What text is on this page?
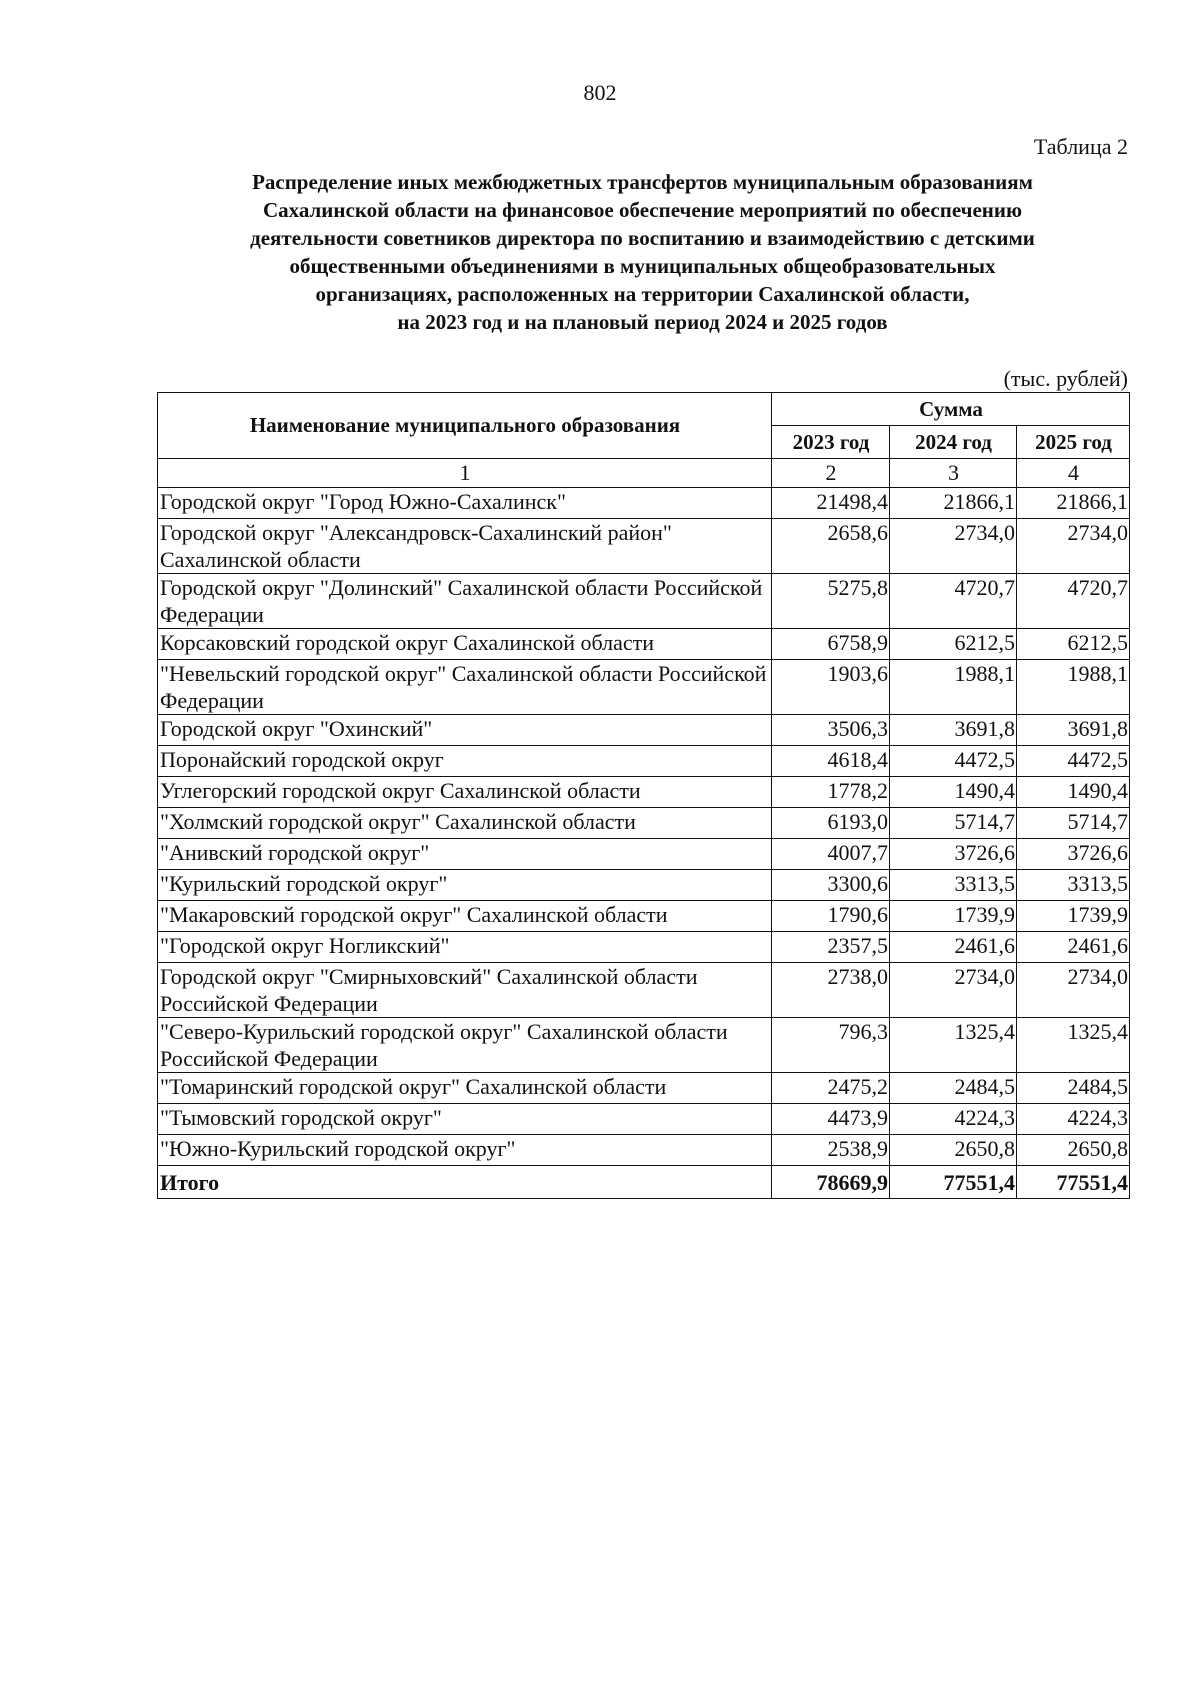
802
Таблица 2
Распределение иных межбюджетных трансфертов муниципальным образованиям
Сахалинской области на финансовое обеспечение мероприятий по обеспечению
деятельности советников директора по воспитанию и взаимодействию с детскими
общественными объединениями в муниципальных общеобразовательных
организациях, расположенных на территории Сахалинской области,
на 2023 год и на плановый период 2024 и 2025 годов
(тыс. рублей)
Наименование муниципального образования	Сумма		
	2023 год	2024 год	2025 год
1	2	3	4
Городской округ "Город Южно-Сахалинск"	21498,4	21866,1	21866,1
Городской округ "Александровск-Сахалинский район" Сахалинской области	2658,6	2734,0	2734,0
Городской округ "Долинский" Сахалинской области Российской Федерации	5275,8	4720,7	4720,7
Корсаковский городской округ Сахалинской области	6758,9	6212,5	6212,5
"Невельский городской округ" Сахалинской области Российской Федерации	1903,6	1988,1	1988,1
Городской округ "Охинский"	3506,3	3691,8	3691,8
Поронайский городской округ	4618,4	4472,5	4472,5
Углегорский городской округ Сахалинской области	1778,2	1490,4	1490,4
"Холмский городской округ" Сахалинской области	6193,0	5714,7	5714,7
"Анивский городской округ"	4007,7	3726,6	3726,6
"Курильский городской округ"	3300,6	3313,5	3313,5
"Макаровский городской округ" Сахалинской области	1790,6	1739,9	1739,9
"Городской округ Ногликский"	2357,5	2461,6	2461,6
Городской округ "Смирныховский" Сахалинской области Российской Федерации	2738,0	2734,0	2734,0
"Северо-Курильский городской округ" Сахалинской области Российской Федерации	796,3	1325,4	1325,4
"Томаринский городской округ" Сахалинской области	2475,2	2484,5	2484,5
"Тымовский городской округ"	4473,9	4224,3	4224,3
"Южно-Курильский городской округ"	2538,9	2650,8	2650,8
Итого	78669,9	77551,4	77551,4
